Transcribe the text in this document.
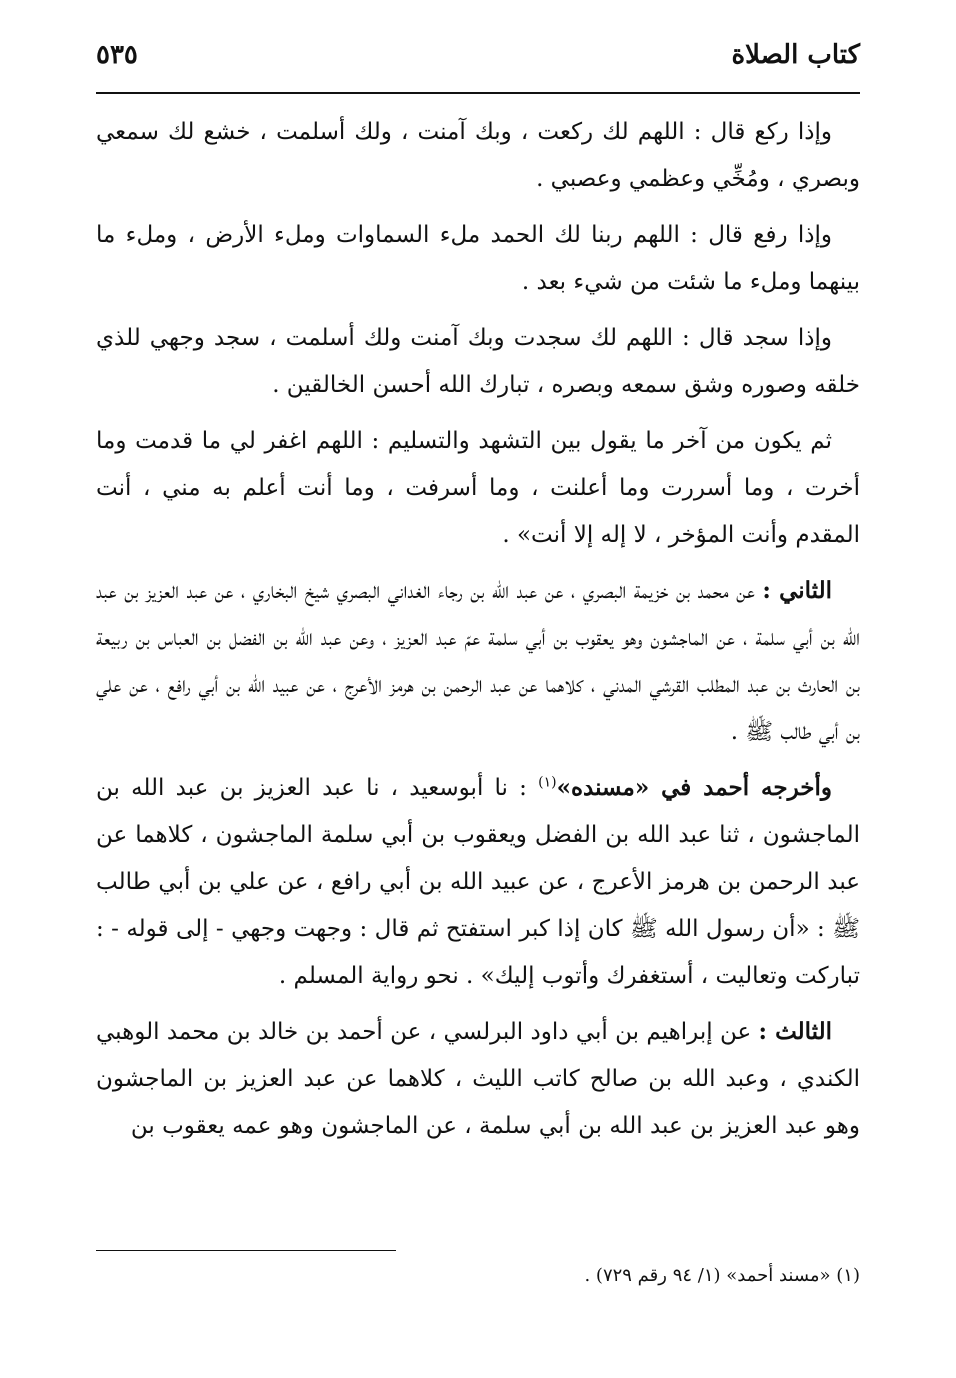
كتاب الصلاة
٥٣٥

وإذا ركع قال : اللهم لك ركعت ، وبك آمنت ، ولك أسلمت ، خشع لك سمعي وبصري ، ومُخِّي وعظمي وعصبي .

وإذا رفع قال : اللهم ربنا لك الحمد ملء السماوات وملء الأرض ، وملء ما بينهما وملء ما شئت من شيء بعد .

وإذا سجد قال : اللهم لك سجدت وبك آمنت ولك أسلمت ، سجد وجهي للذي خلقه وصوره وشق سمعه وبصره ، تبارك الله أحسن الخالقين .

ثم يكون من آخر ما يقول بين التشهد والتسليم : اللهم اغفر لي ما قدمت وما أخرت ، وما أسررت وما أعلنت ، وما أسرفت ، وما أنت أعلم به مني ، أنت المقدم وأنت المؤخر ، لا إله إلا أنت» .

الثاني : عن محمد بن خزيمة البصري ، عن عبد الله بن رجاء الغداني البصري شيخ البخاري ، عن عبد العزيز بن عبد الله بن أبي سلمة ، عن الماجشون وهو يعقوب بن أبي سلمة عمّ عبد العزيز ، وعن عبد الله بن الفضل بن العباس بن ربيعة بن الحارث بن عبد المطلب القرشي المدني ، كلاهما عن عبد الرحمن بن هرمز الأعرج ، عن عبيد الله بن أبي رافع ، عن علي بن أبي طالب ﷺ .

وأخرجه أحمد في «مسنده»$^{(١)}$ : نا أبوسعيد ، نا عبد العزيز بن عبد الله بن الماجشون ، ثنا عبد الله بن الفضل ويعقوب بن أبي سلمة الماجشون ، كلاهما عن عبد الرحمن بن هرمز الأعرج ، عن عبيد الله بن أبي رافع ، عن علي بن أبي طالب ﷺ : «أن رسول الله ﷺ كان إذا كبر استفتح ثم قال : وجهت وجهي - إلى قوله - : تباركت وتعاليت ، أستغفرك وأتوب إليك» . نحو رواية المسلم .

الثالث : عن إبراهيم بن أبي داود البرلسي ، عن أحمد بن خالد بن محمد الوهبي الكندي ، وعبد الله بن صالح كاتب الليث ، كلاهما عن عبد العزيز بن الماجشون وهو عبد العزيز بن عبد الله بن أبي سلمة ، عن الماجشون وهو عمه يعقوب بن

(١) «مسند أحمد» (١/ ٩٤ رقم ٧٢٩) .
